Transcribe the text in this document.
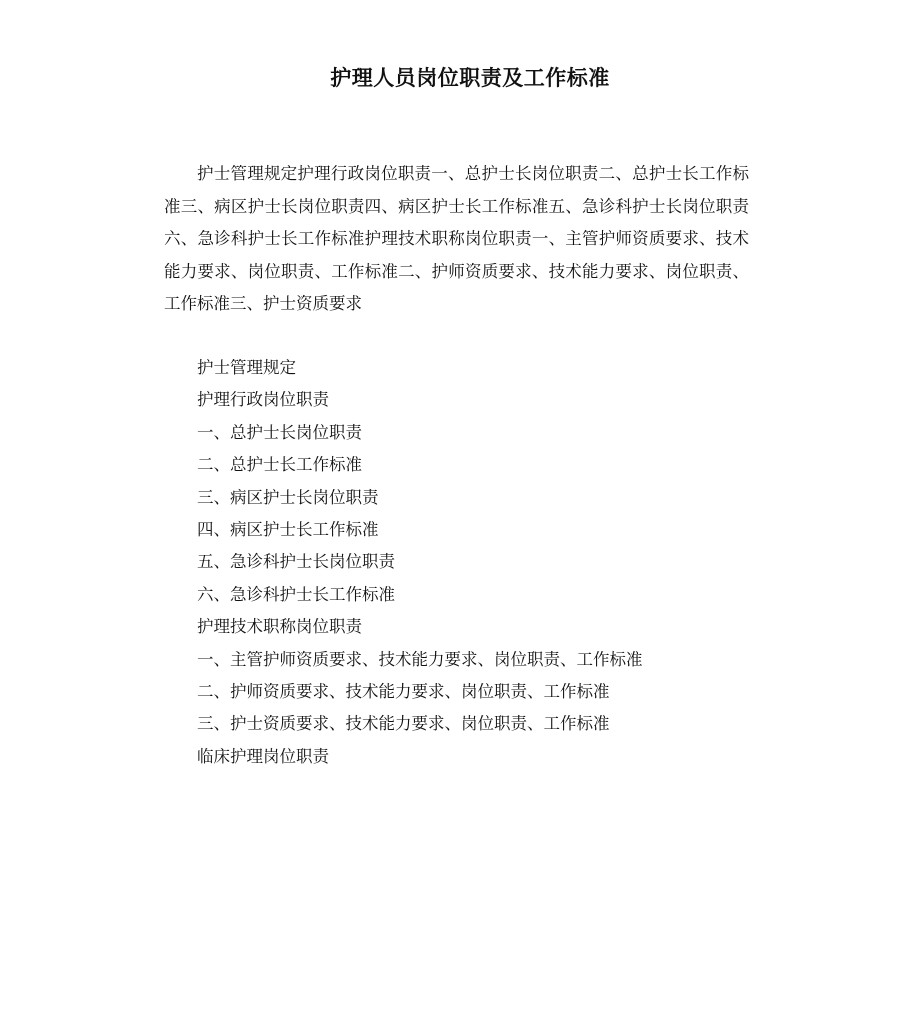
护理人员岗位职责及工作标准

护士管理规定护理行政岗位职责一、总护士长岗位职责二、总护士长工作标准三、病区护士长岗位职责四、病区护士长工作标准五、急诊科护士长岗位职责六、急诊科护士长工作标准护理技术职称岗位职责一、主管护师资质要求、技术能力要求、岗位职责、工作标准二、护师资质要求、技术能力要求、岗位职责、工作标准三、护士资质要求

护士管理规定
护理行政岗位职责
一、总护士长岗位职责
二、总护士长工作标准
三、病区护士长岗位职责
四、病区护士长工作标准
五、急诊科护士长岗位职责
六、急诊科护士长工作标准
护理技术职称岗位职责
一、主管护师资质要求、技术能力要求、岗位职责、工作标准
二、护师资质要求、技术能力要求、岗位职责、工作标准
三、护士资质要求、技术能力要求、岗位职责、工作标准
临床护理岗位职责
